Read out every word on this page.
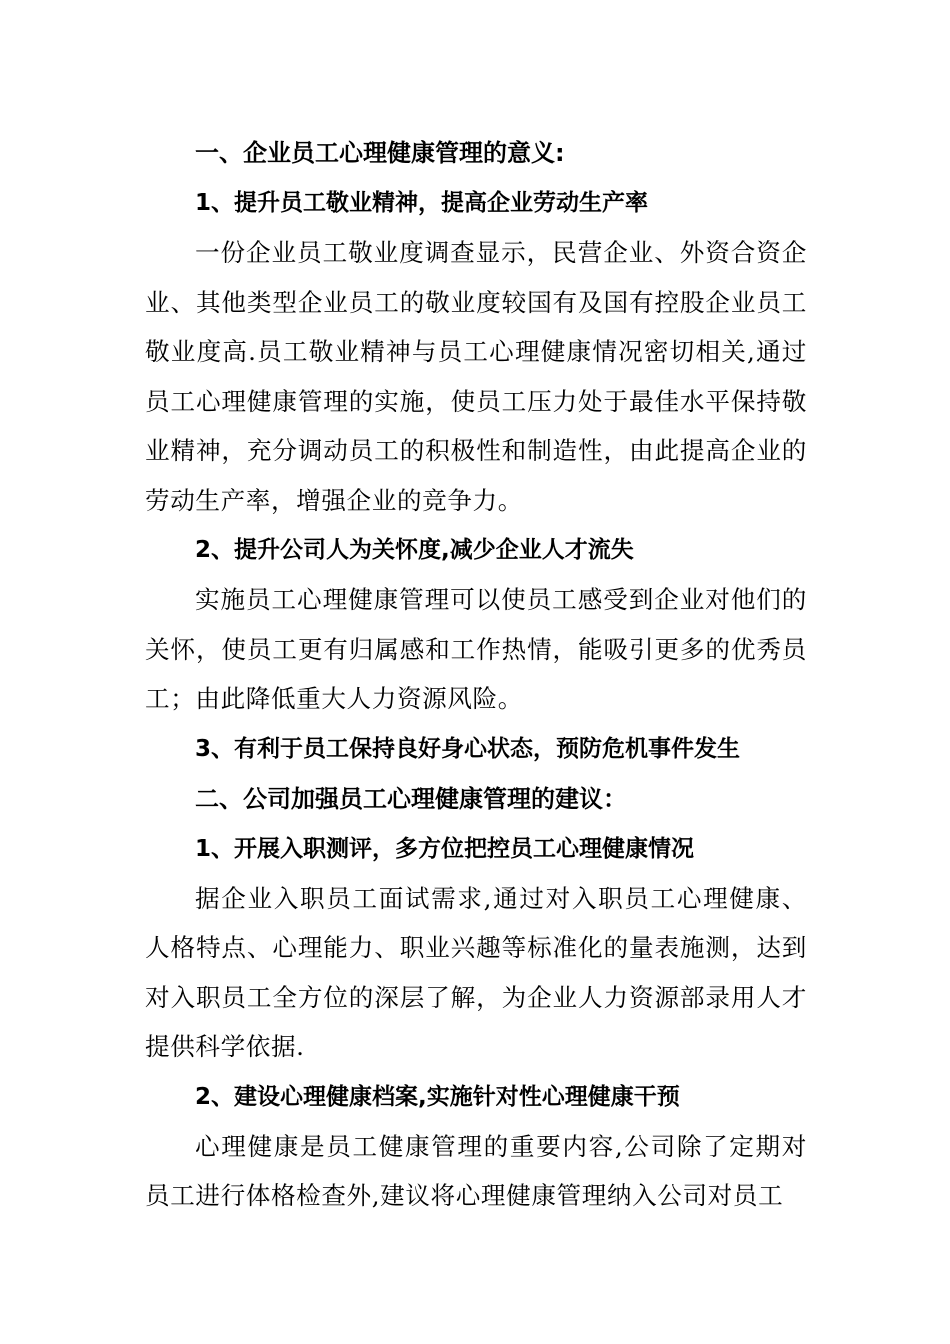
一、企业员工心理健康管理的意义:
1、提升员工敬业精神，提高企业劳动生产率
一份企业员工敬业度调查显示，民营企业、外资合资企业、其他类型企业员工的敬业度较国有及国有控股企业员工敬业度高.员工敬业精神与员工心理健康情况密切相关,通过员工心理健康管理的实施，使员工压力处于最佳水平保持敬业精神，充分调动员工的积极性和制造性，由此提高企业的劳动生产率，增强企业的竞争力。
2、提升公司人为关怀度,减少企业人才流失
实施员工心理健康管理可以使员工感受到企业对他们的关怀，使员工更有归属感和工作热情，能吸引更多的优秀员工；由此降低重大人力资源风险。
3、有利于员工保持良好身心状态，预防危机事件发生
二、公司加强员工心理健康管理的建议：
1、开展入职测评，多方位把控员工心理健康情况
据企业入职员工面试需求,通过对入职员工心理健康、人格特点、心理能力、职业兴趣等标准化的量表施测，达到对入职员工全方位的深层了解，为企业人力资源部录用人才提供科学依据.
2、建设心理健康档案,实施针对性心理健康干预
心理健康是员工健康管理的重要内容,公司除了定期对员工进行体格检查外,建议将心理健康管理纳入公司对员工
